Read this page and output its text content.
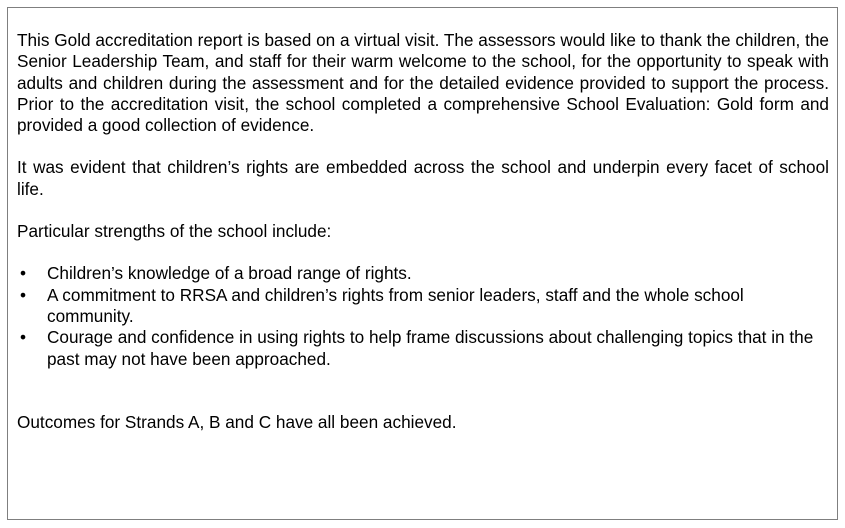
This Gold accreditation report is based on a virtual visit. The assessors would like to thank the children, the Senior Leadership Team, and staff for their warm welcome to the school, for the opportunity to speak with adults and children during the assessment and for the detailed evidence provided to support the process. Prior to the accreditation visit, the school completed a comprehensive School Evaluation: Gold form and provided a good collection of evidence.

It was evident that children’s rights are embedded across the school and underpin every facet of school life.

Particular strengths of the school include:

• Children’s knowledge of a broad range of rights.
• A commitment to RRSA and children’s rights from senior leaders, staff and the whole school community.
• Courage and confidence in using rights to help frame discussions about challenging topics that in the past may not have been approached.

Outcomes for Strands A, B and C have all been achieved.
